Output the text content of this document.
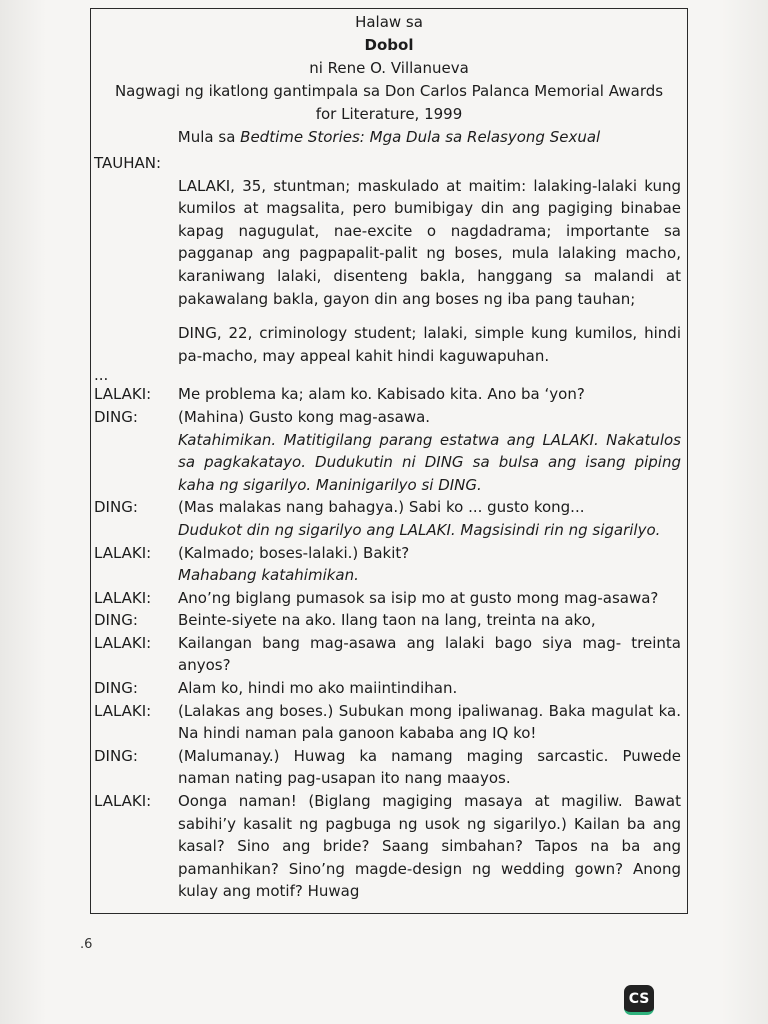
Halaw sa
Dobol
ni Rene O. Villanueva
Nagwagi ng ikatlong gantimpala sa Don Carlos Palanca Memorial Awards
for Literature, 1999
Mula sa Bedtime Stories: Mga Dula sa Relasyong Sexual
TAUHAN:
LALAKI, 35, stuntman; maskulado at maitim: lalaking-lalaki kung kumilos at magsalita, pero bumibigay din ang pagiging binabae kapag nagugulat, nae-excite o nagdadrama; importante sa pagganap ang pagpapalit-palit ng boses, mula lalaking macho, karaniwang lalaki, disenteng bakla, hanggang sa malandi at pakawalang bakla, gayon din ang boses ng iba pang tauhan;
DING, 22, criminology student; lalaki, simple kung kumilos, hindi pa-macho, may appeal kahit hindi kaguwapuhan.
...
LALAKI:	Me problema ka; alam ko. Kabisado kita. Ano ba ‘yon?
DING:	(Mahina) Gusto kong mag-asawa.
Katahimikan. Matitigilang parang estatwa ang LALAKI. Nakatulos sa pagkakatayo. Dudukutin ni DING sa bulsa ang isang piping kaha ng sigarilyo. Maninigarilyo si DING.
DING:	(Mas malakas nang bahagya.) Sabi ko ... gusto kong...
Dudukot din ng sigarilyo ang LALAKI. Magsisindi rin ng sigarilyo.
LALAKI:	(Kalmado; boses-lalaki.) Bakit?
Mahabang katahimikan.
LALAKI:	Ano’ng biglang pumasok sa isip mo at gusto mong mag-asawa?
DING:	Beinte-siyete na ako. Ilang taon na lang, treinta na ako,
LALAKI:	Kailangan bang mag-asawa ang lalaki bago siya mag- treinta anyos?
DING:	Alam ko, hindi mo ako maiintindihan.
LALAKI:	(Lalakas ang boses.) Subukan mong ipaliwanag. Baka magulat ka. Na hindi naman pala ganoon kababa ang IQ ko!
DING:	(Malumanay.) Huwag ka namang maging sarcastic. Puwede naman nating pag-usapan ito nang maayos.
LALAKI:	Oonga naman! (Biglang magiging masaya at magiliw. Bawat sabihi’y kasalit ng pagbuga ng usok ng sigarilyo.) Kailan ba ang kasal? Sino ang bride? Saang simbahan? Tapos na ba ang pamanhikan? Sino’ng magde-design ng wedding gown? Anong kulay ang motif? Huwag
.6
CS
